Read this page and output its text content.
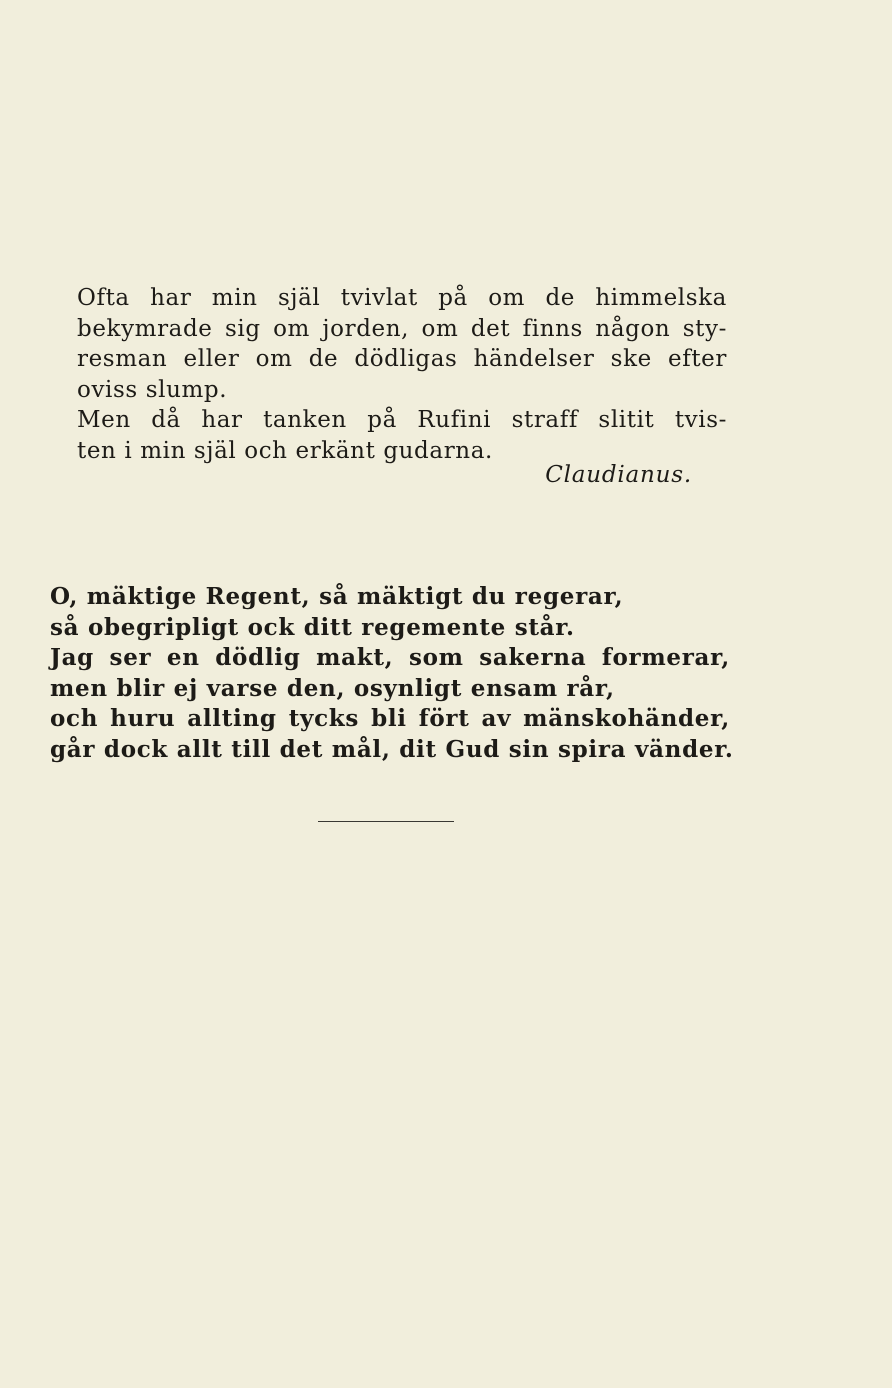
Ofta har min själ tvivlat på om de himmelska
bekymrade sig om jorden, om det finns någon sty-
resman eller om de dödligas händelser ske efter
oviss slump.
Men då har tanken på Rufini straff slitit tvis-
ten i min själ och erkänt gudarna.
Claudianus.
O, mäktige Regent, så mäktigt du regerar,
så obegripligt ock ditt regemente står.
Jag ser en dödlig makt, som sakerna formerar,
men blir ej varse den, osynligt ensam rår,
och huru allting tycks bli fört av mänskohänder,
går dock allt till det mål, dit Gud sin spira vänder.
